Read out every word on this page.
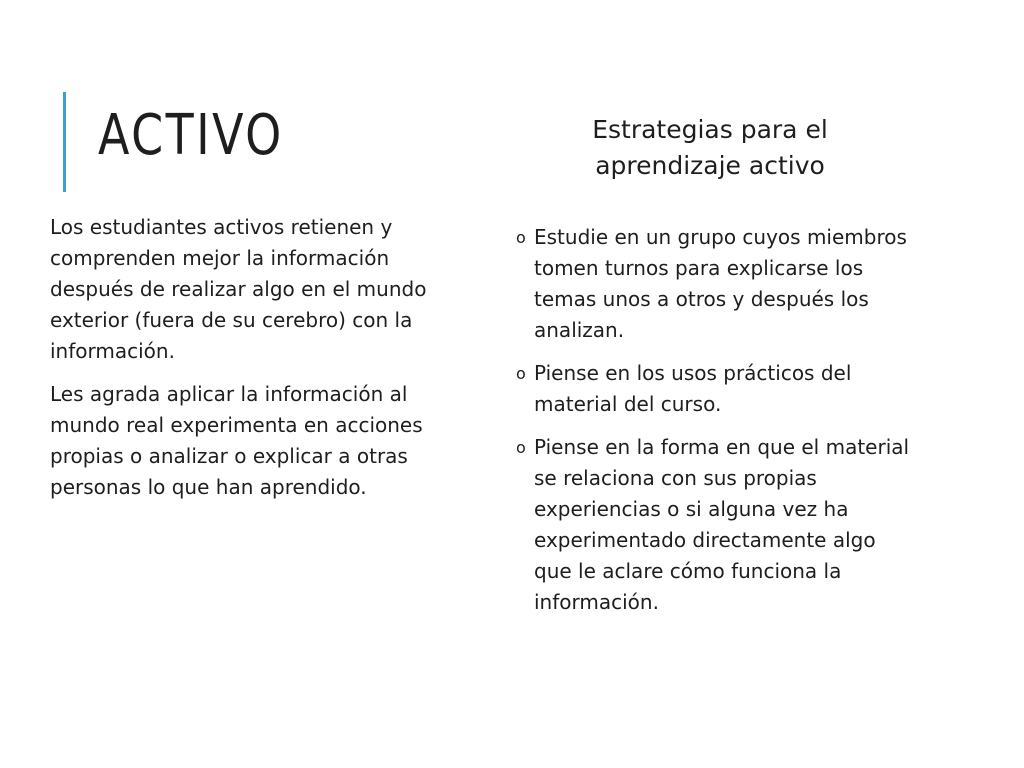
ACTIVO

Los estudiantes activos retienen y comprenden mejor la información después de realizar algo en el mundo exterior (fuera de su cerebro) con la información.

Les agrada aplicar la información al mundo real experimenta en acciones propias o analizar o explicar a otras personas lo que han aprendido.

Estrategias para el aprendizaje activo
o Estudie en un grupo cuyos miembros tomen turnos para explicarse los temas unos a otros y después los analizan.
o Piense en los usos prácticos del material del curso.
o Piense en la forma en que el material se relaciona con sus propias experiencias o si alguna vez ha experimentado directamente algo que le aclare cómo funciona la información.
